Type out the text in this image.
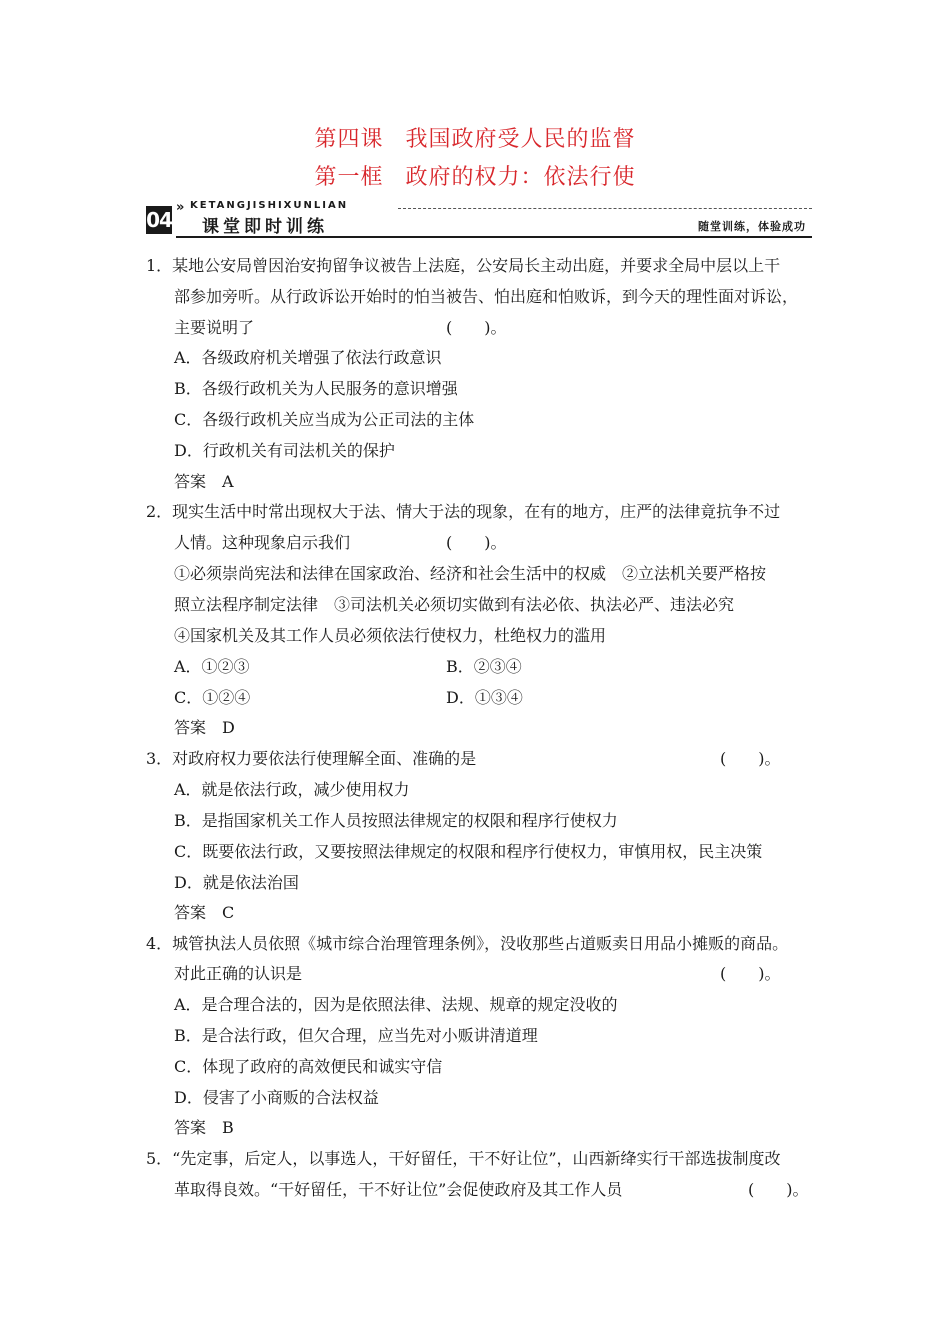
第四课 我国政府受人民的监督
第一框 政府的权力：依法行使
04
» KETANGJISHIXUNLIAN
课堂即时训练	随堂训练，体验成功
1．某地公安局曾因治安拘留争议被告上法庭，公安局长主动出庭，并要求全局中层以上干
部参加旁听。从行政诉讼开始时的怕当被告、怕出庭和怕败诉，到今天的理性面对诉讼，
主要说明了	(　　)。
A．各级政府机关增强了依法行政意识
B．各级行政机关为人民服务的意识增强
C．各级行政机关应当成为公正司法的主体
D．行政机关有司法机关的保护
答案　A
2．现实生活中时常出现权大于法、情大于法的现象，在有的地方，庄严的法律竟抗争不过
人情。这种现象启示我们	(　　)。
①必须崇尚宪法和法律在国家政治、经济和社会生活中的权威　②立法机关要严格按
照立法程序制定法律　③司法机关必须切实做到有法必依、执法必严、违法必究
④国家机关及其工作人员必须依法行使权力，杜绝权力的滥用
A．①②③	B．②③④
C．①②④	D．①③④
答案　D
3．对政府权力要依法行使理解全面、准确的是	(　　)。
A．就是依法行政，减少使用权力
B．是指国家机关工作人员按照法律规定的权限和程序行使权力
C．既要依法行政，又要按照法律规定的权限和程序行使权力，审慎用权，民主决策
D．就是依法治国
答案　C
4．城管执法人员依照《城市综合治理管理条例》，没收那些占道贩卖日用品小摊贩的商品。
对此正确的认识是	(　　)。
A．是合理合法的，因为是依照法律、法规、规章的规定没收的
B．是合法行政，但欠合理，应当先对小贩讲清道理
C．体现了政府的高效便民和诚实守信
D．侵害了小商贩的合法权益
答案　B
5．“先定事，后定人，以事选人，干好留任，干不好让位”，山西新绛实行干部选拔制度改
革取得良效。“干好留任，干不好让位”会促使政府及其工作人员	(　　)。
